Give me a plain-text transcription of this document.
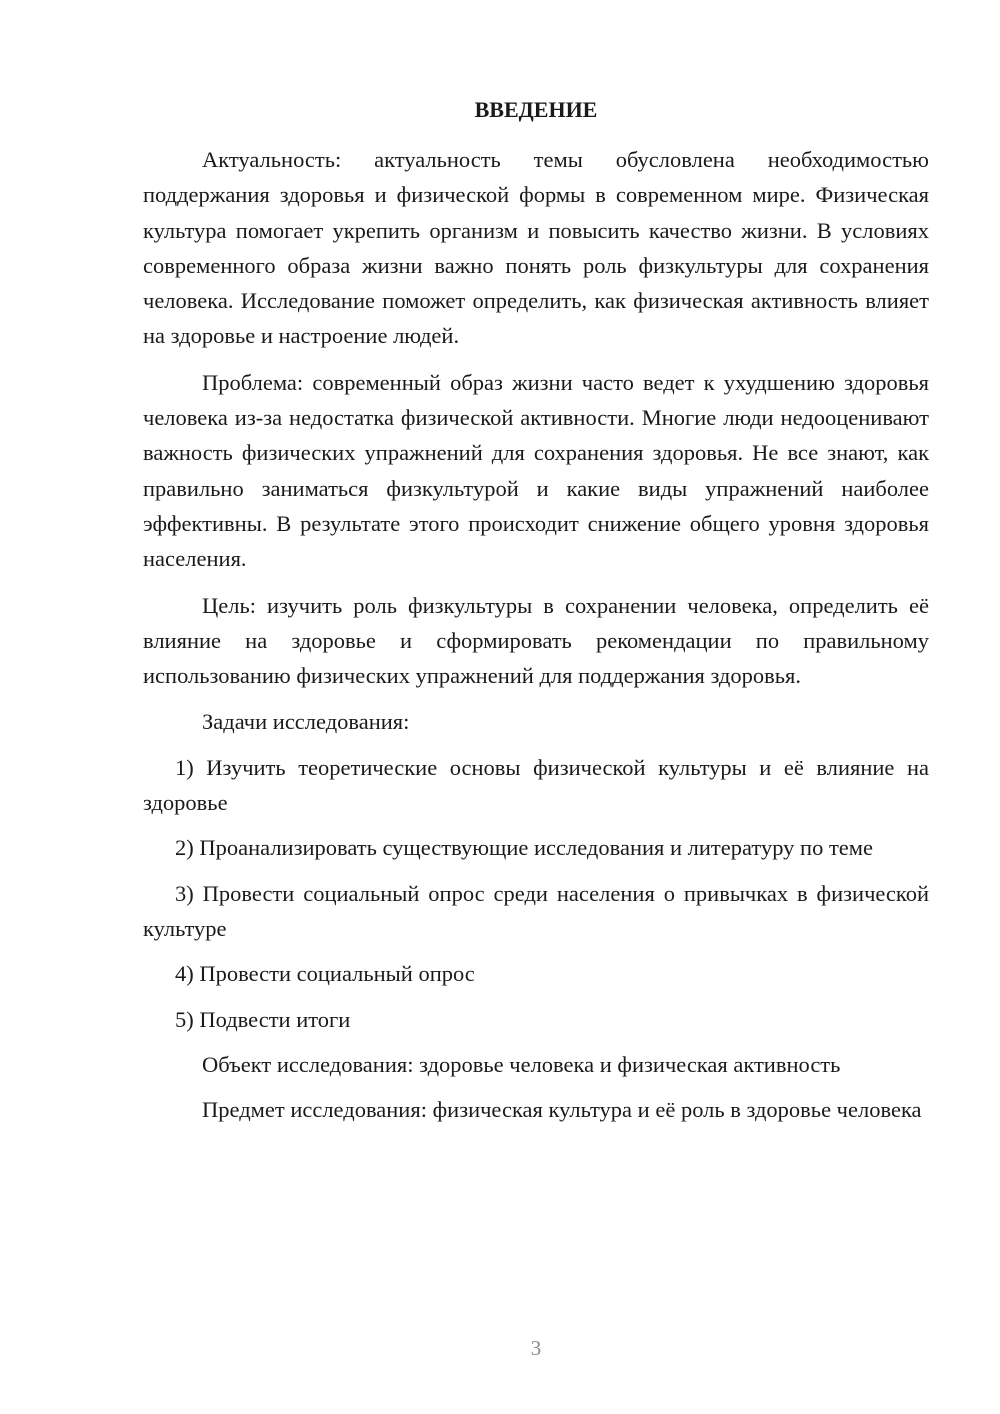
ВВЕДЕНИЕ

Актуальность: актуальность темы обусловлена необходимостью поддержания здоровья и физической формы в современном мире. Физическая культура помогает укрепить организм и повысить качество жизни. В условиях современного образа жизни важно понять роль физкультуры для сохранения человека. Исследование поможет определить, как физическая активность влияет на здоровье и настроение людей.

Проблема: современный образ жизни часто ведет к ухудшению здоровья человека из-за недостатка физической активности. Многие люди недооценивают важность физических упражнений для сохранения здоровья. Не все знают, как правильно заниматься физкультурой и какие виды упражнений наиболее эффективны. В результате этого происходит снижение общего уровня здоровья населения.

Цель: изучить роль физкультуры в сохранении человека, определить её влияние на здоровье и сформировать рекомендации по правильному использованию физических упражнений для поддержания здоровья.

Задачи исследования:

1) Изучить теоретические основы физической культуры и её влияние на здоровье

2) Проанализировать существующие исследования и литературу по теме

3) Провести социальный опрос среди населения о привычках в физической культуре

4) Провести социальный опрос

5) Подвести итоги

Объект исследования: здоровье человека и физическая активность

Предмет исследования: физическая культура и её роль в здоровье человека

3
